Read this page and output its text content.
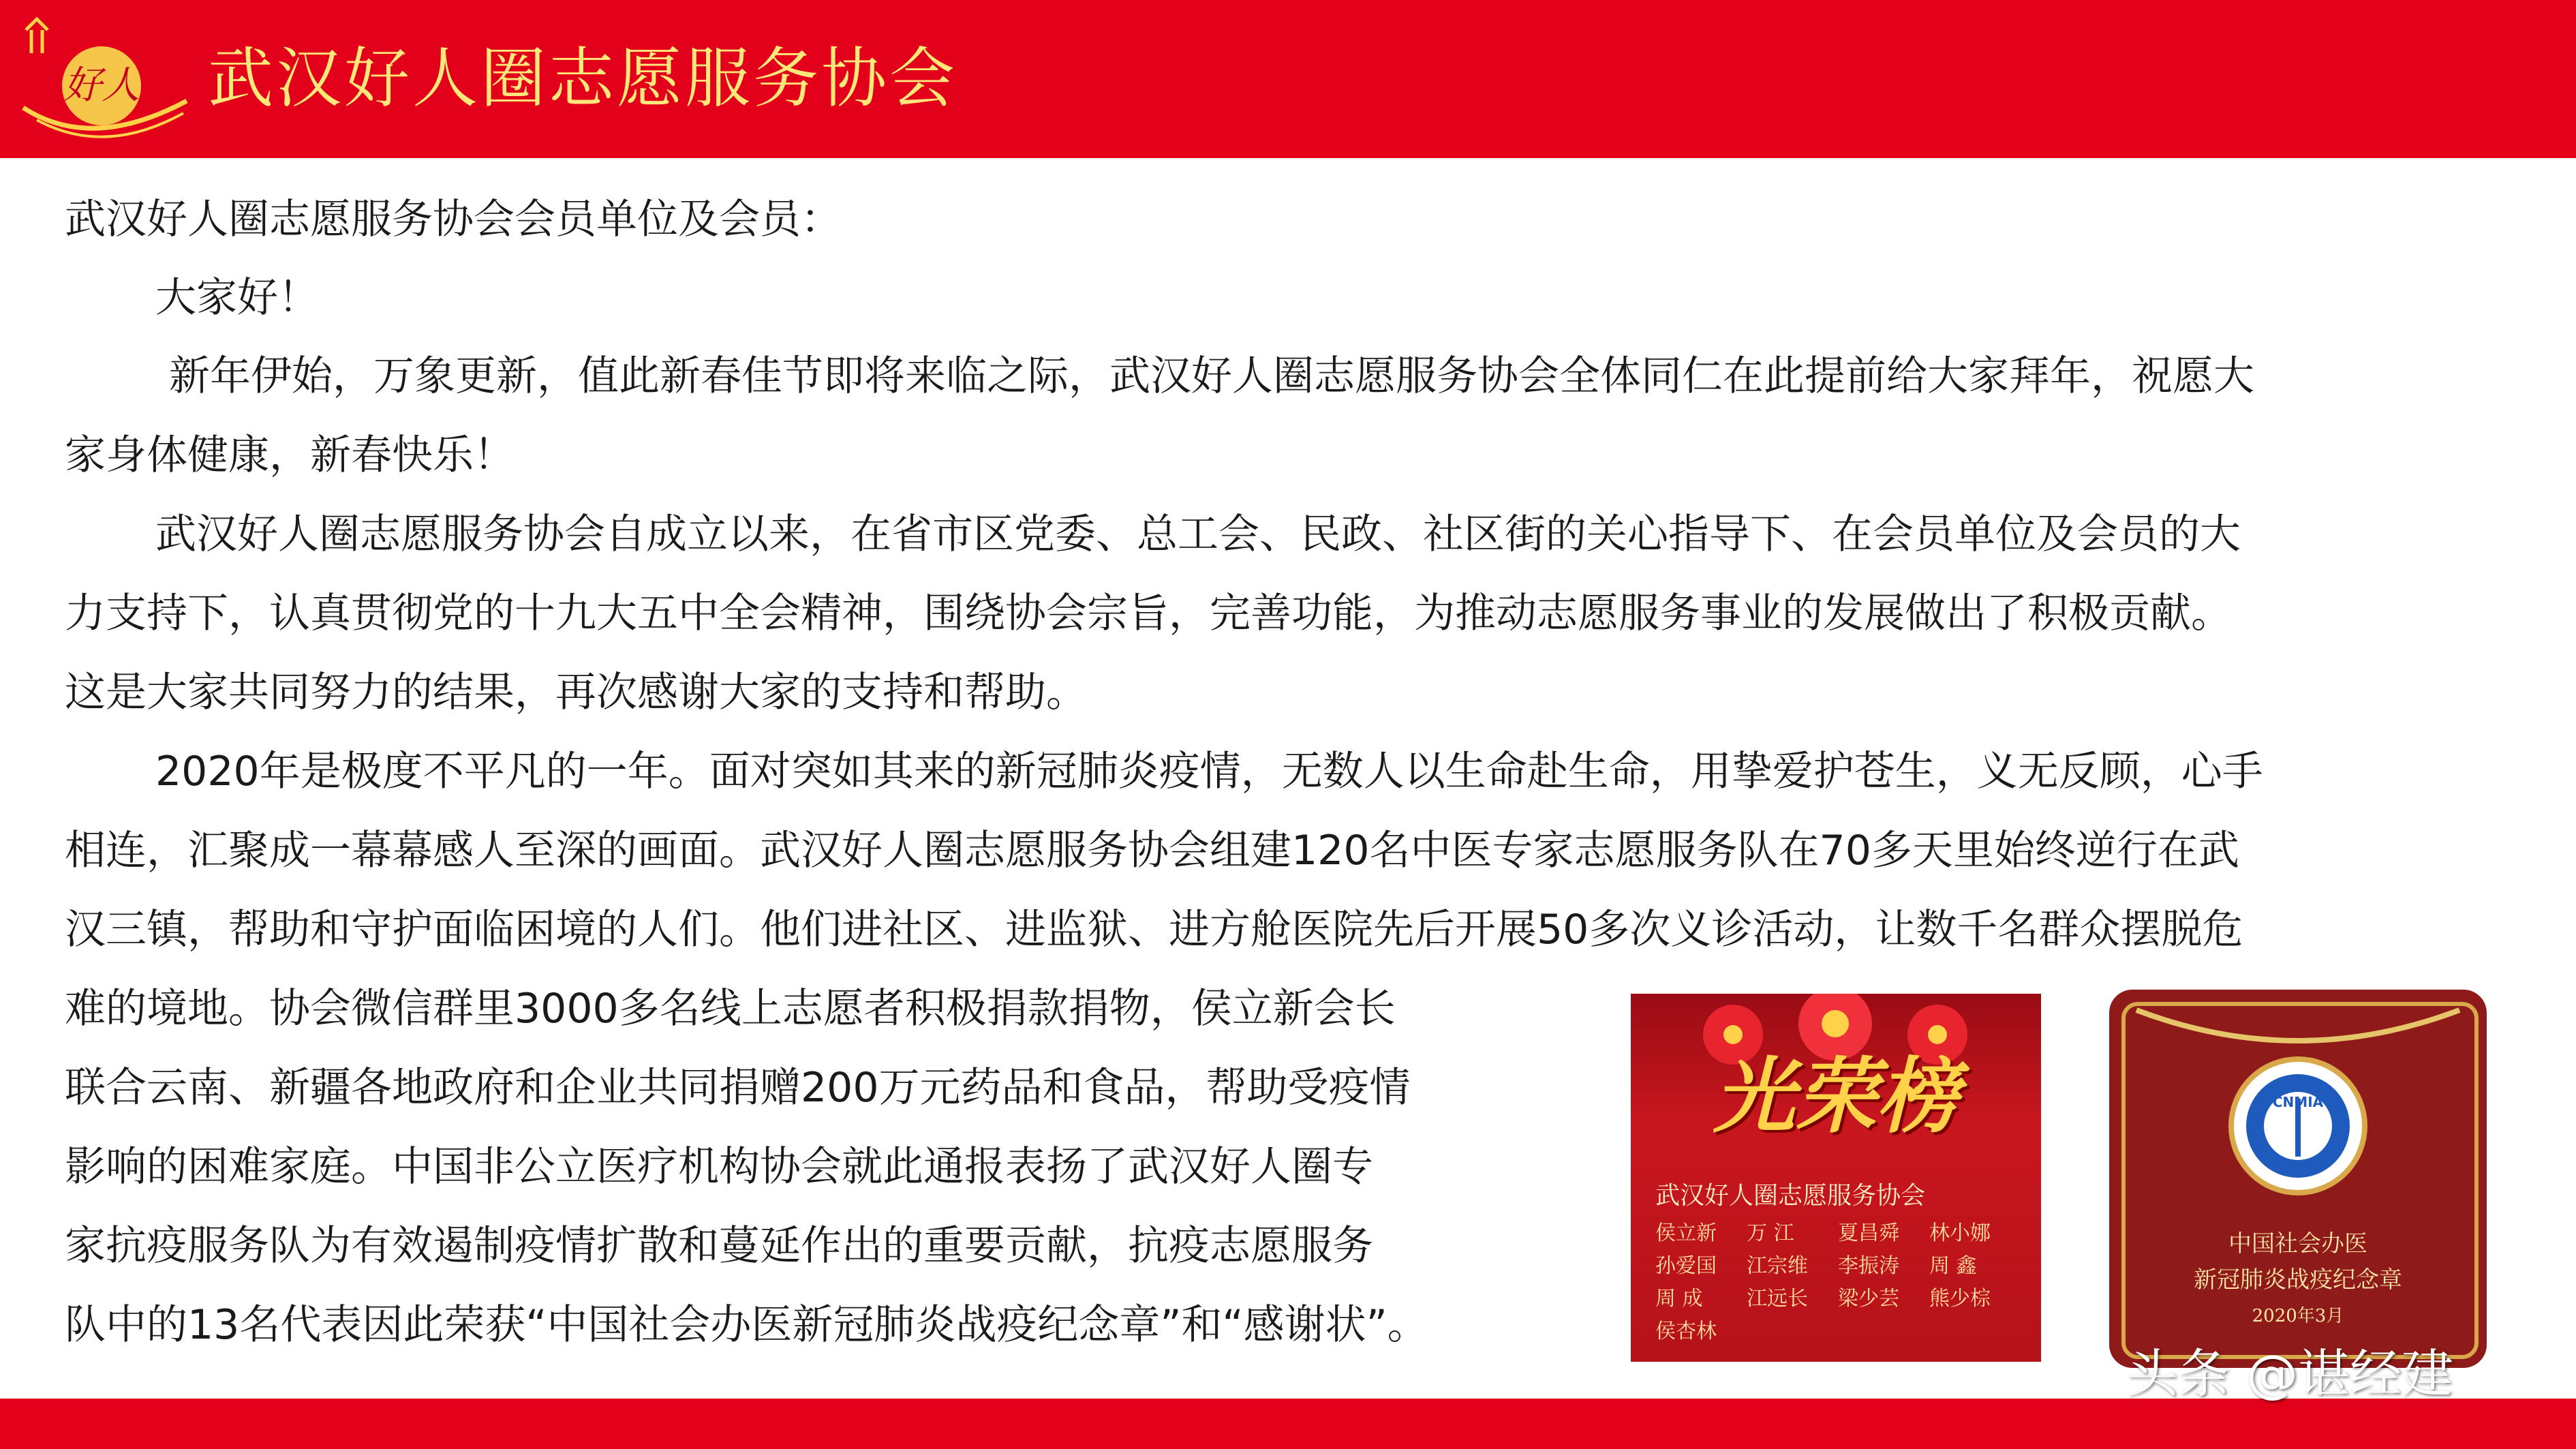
好人 武汉好人圈志愿服务协会
武汉好人圈志愿服务协会会员单位及会员：
大家好！
新年伊始，万象更新，值此新春佳节即将来临之际，武汉好人圈志愿服务协会全体同仁在此提前给大家拜年，祝愿大
家身体健康，新春快乐！
武汉好人圈志愿服务协会自成立以来，在省市区党委、总工会、民政、社区街的关心指导下、在会员单位及会员的大
力支持下，认真贯彻党的十九大五中全会精神，围绕协会宗旨，完善功能，为推动志愿服务事业的发展做出了积极贡献。
这是大家共同努力的结果，再次感谢大家的支持和帮助。
2020年是极度不平凡的一年。面对突如其来的新冠肺炎疫情，无数人以生命赴生命，用挚爱护苍生，义无反顾，心手
相连，汇聚成一幕幕感人至深的画面。武汉好人圈志愿服务协会组建120名中医专家志愿服务队在70多天里始终逆行在武
汉三镇，帮助和守护面临困境的人们。他们进社区、进监狱、进方舱医院先后开展50多次义诊活动，让数千名群众摆脱危
难的境地。协会微信群里3000多名线上志愿者积极捐款捐物，侯立新会长
联合云南、新疆各地政府和企业共同捐赠200万元药品和食品，帮助受疫情
影响的困难家庭。中国非公立医疗机构协会就此通报表扬了武汉好人圈专
家抗疫服务队为有效遏制疫情扩散和蔓延作出的重要贡献，抗疫志愿服务
队中的13名代表因此荣获“中国社会办医新冠肺炎战疫纪念章”和“感谢状”。
光荣榜
武汉好人圈志愿服务协会
侯立新 万 江 夏昌舜 林小娜 孙爱国 江宗维 李振涛 周 鑫 周 成 江远长 梁少芸 熊少棕 侯杏林
CNMIA
中国社会办医
新冠肺炎战疫纪念章
2020年3月
头条 @谌经建
